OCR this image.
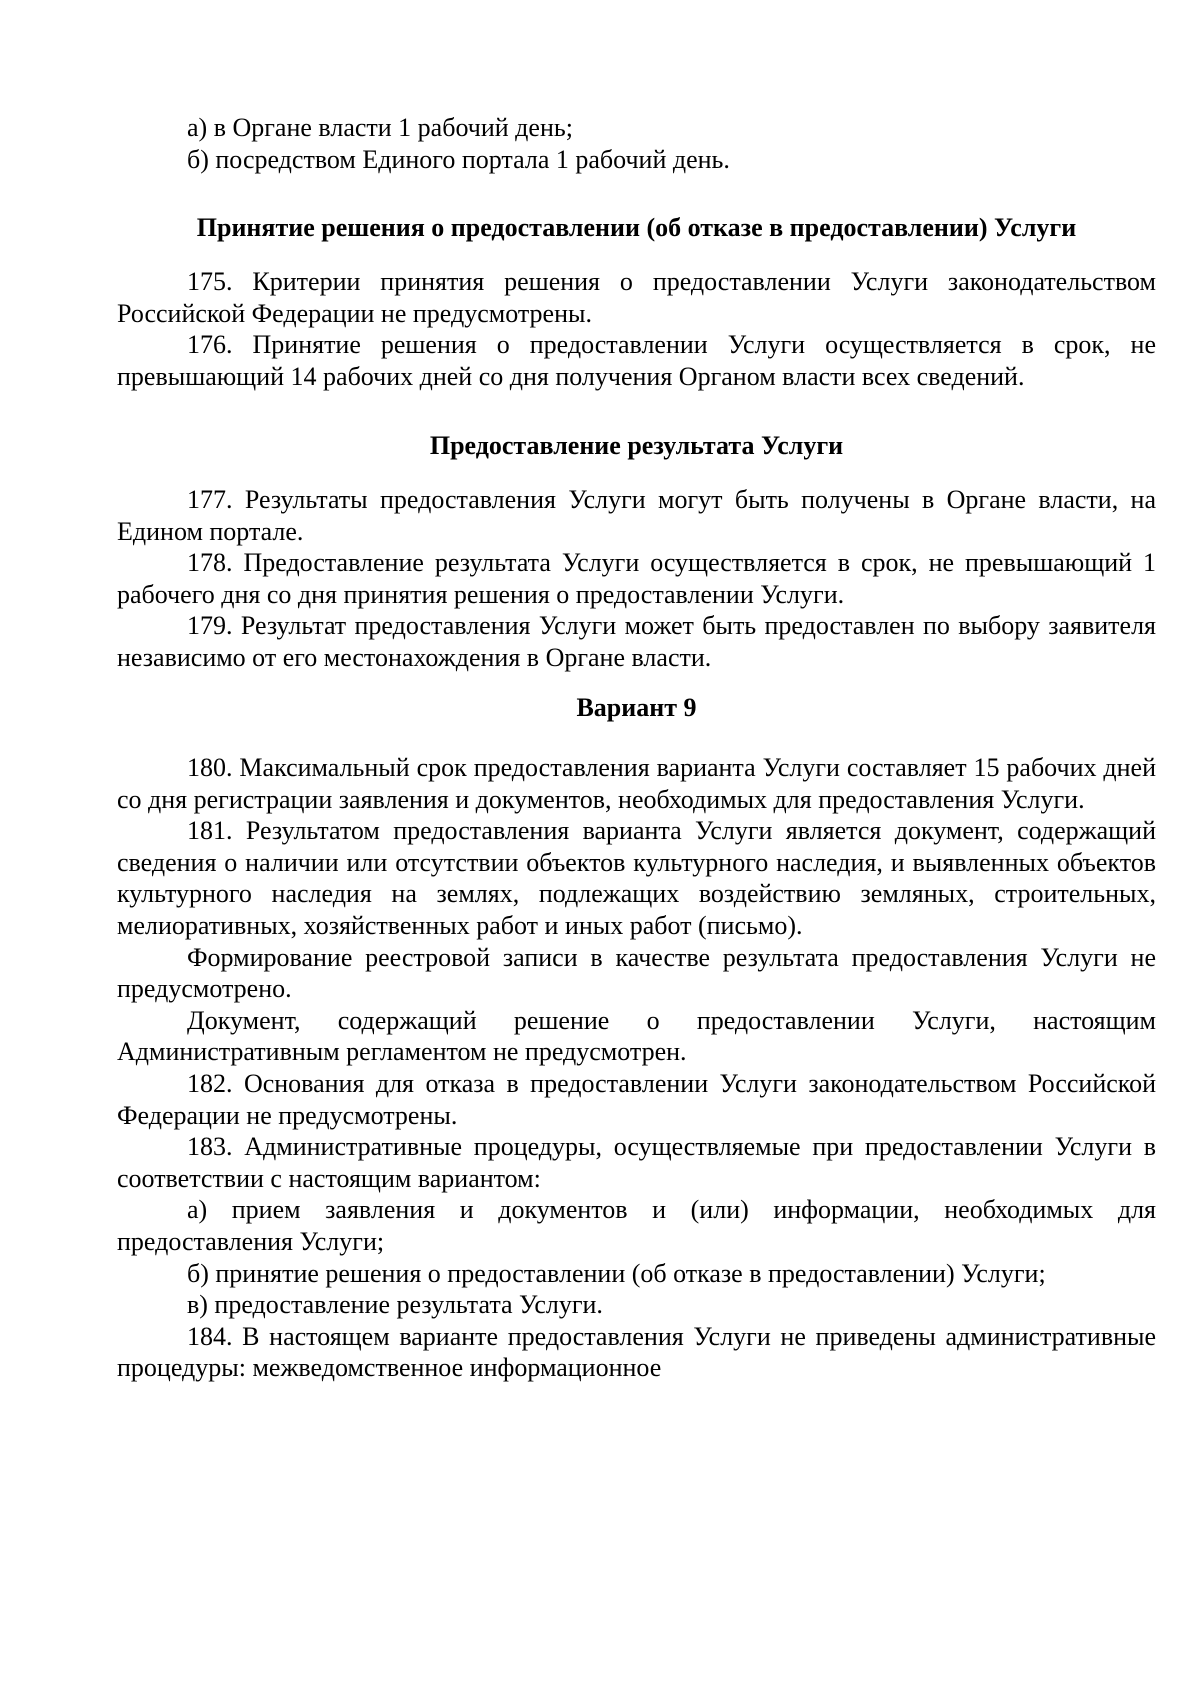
а) в Органе власти 1 рабочий день;

б) посредством Единого портала 1 рабочий день.

Принятие решения о предоставлении (об отказе в предоставлении) Услуги

175. Критерии принятия решения о предоставлении Услуги законодательством Российской Федерации не предусмотрены.

176. Принятие решения о предоставлении Услуги осуществляется в срок, не превышающий 14 рабочих дней со дня получения Органом власти всех сведений.

Предоставление результата Услуги

177. Результаты предоставления Услуги могут быть получены в Органе власти, на Едином портале.

178. Предоставление результата Услуги осуществляется в срок, не превышающий 1 рабочего дня со дня принятия решения о предоставлении Услуги.

179. Результат предоставления Услуги может быть предоставлен по выбору заявителя независимо от его местонахождения в Органе власти.

Вариант 9

180. Максимальный срок предоставления варианта Услуги составляет 15 рабочих дней со дня регистрации заявления и документов, необходимых для предоставления Услуги.

181. Результатом предоставления варианта Услуги является документ, содержащий сведения о наличии или отсутствии объектов культурного наследия, и выявленных объектов культурного наследия на землях, подлежащих воздействию земляных, строительных, мелиоративных, хозяйственных работ и иных работ (письмо).

Формирование реестровой записи в качестве результата предоставления Услуги не предусмотрено.

Документ, содержащий решение о предоставлении Услуги, настоящим Административным регламентом не предусмотрен.

182. Основания для отказа в предоставлении Услуги законодательством Российской Федерации не предусмотрены.

183. Административные процедуры, осуществляемые при предоставлении Услуги в соответствии с настоящим вариантом:

а) прием заявления и документов и (или) информации, необходимых для предоставления Услуги;

б) принятие решения о предоставлении (об отказе в предоставлении) Услуги;

в) предоставление результата Услуги.

184. В настоящем варианте предоставления Услуги не приведены административные процедуры: межведомственное информационное
